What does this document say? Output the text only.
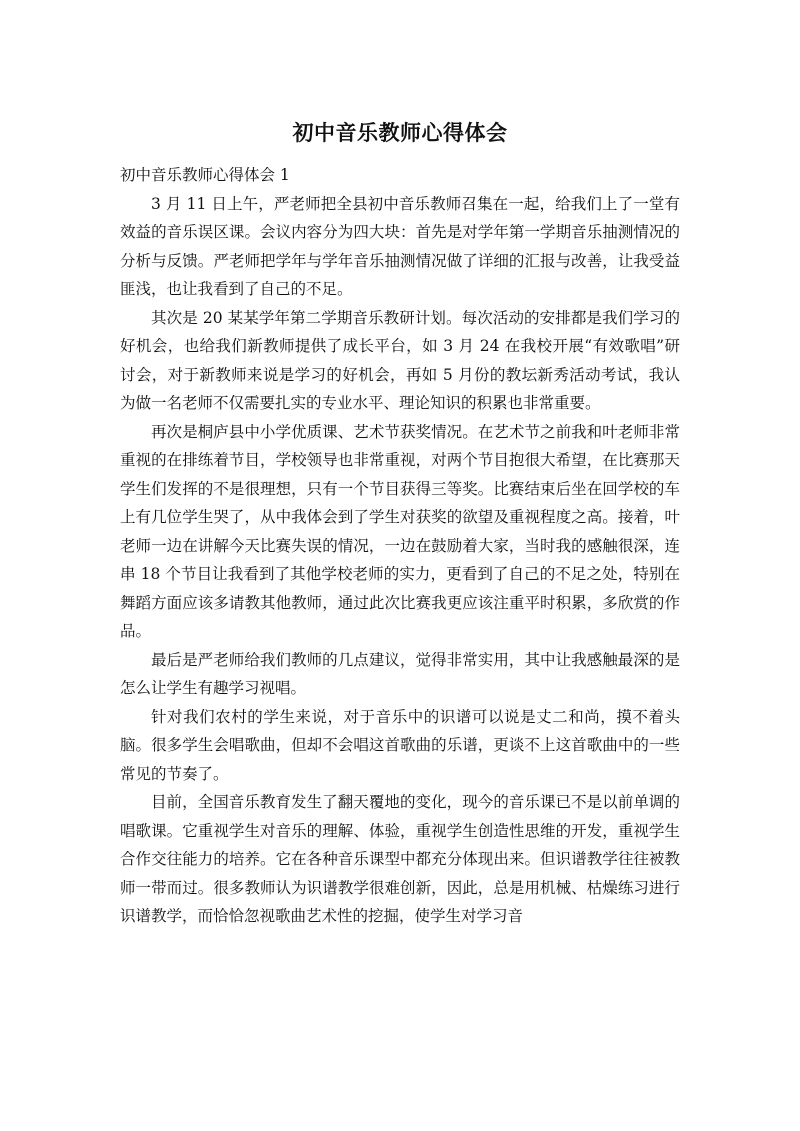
初中音乐教师心得体会

初中音乐教师心得体会 1

3 月 11 日上午，严老师把全县初中音乐教师召集在一起，给我们上了一堂有效益的音乐误区课。会议内容分为四大块：首先是对学年第一学期音乐抽测情况的分析与反馈。严老师把学年与学年音乐抽测情况做了详细的汇报与改善，让我受益匪浅，也让我看到了自己的不足。

其次是 20 某某学年第二学期音乐教研计划。每次活动的安排都是我们学习的好机会，也给我们新教师提供了成长平台，如 3 月 24 在我校开展“有效歌唱”研讨会，对于新教师来说是学习的好机会，再如 5 月份的教坛新秀活动考试，我认为做一名老师不仅需要扎实的专业水平、理论知识的积累也非常重要。

再次是桐庐县中小学优质课、艺术节获奖情况。在艺术节之前我和叶老师非常重视的在排练着节目，学校领导也非常重视，对两个节目抱很大希望，在比赛那天学生们发挥的不是很理想，只有一个节目获得三等奖。比赛结束后坐在回学校的车上有几位学生哭了，从中我体会到了学生对获奖的欲望及重视程度之高。接着，叶老师一边在讲解今天比赛失误的情况，一边在鼓励着大家，当时我的感触很深，连串 18 个节目让我看到了其他学校老师的实力，更看到了自己的不足之处，特别在舞蹈方面应该多请教其他教师，通过此次比赛我更应该注重平时积累，多欣赏的作品。

最后是严老师给我们教师的几点建议，觉得非常实用，其中让我感触最深的是怎么让学生有趣学习视唱。

针对我们农村的学生来说，对于音乐中的识谱可以说是丈二和尚，摸不着头脑。很多学生会唱歌曲，但却不会唱这首歌曲的乐谱，更谈不上这首歌曲中的一些常见的节奏了。

目前，全国音乐教育发生了翻天覆地的变化，现今的音乐课已不是以前单调的唱歌课。它重视学生对音乐的理解、体验，重视学生创造性思维的开发，重视学生合作交往能力的培养。它在各种音乐课型中都充分体现出来。但识谱教学往往被教师一带而过。很多教师认为识谱教学很难创新，因此，总是用机械、枯燥练习进行识谱教学，而恰恰忽视歌曲艺术性的挖掘，使学生对学习音
